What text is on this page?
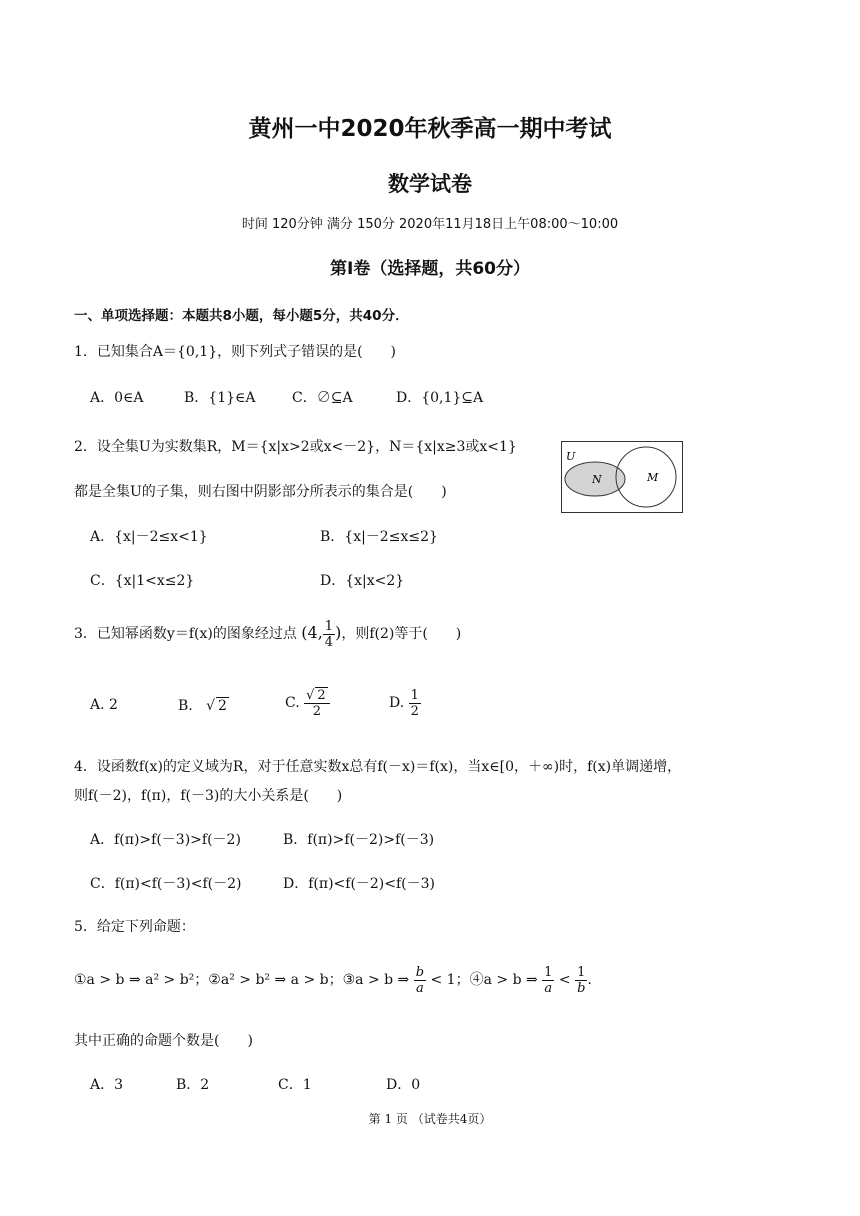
黄州一中2020年秋季高一期中考试
数学试卷
时间 120分钟 满分 150分 2020年11月18日上午08:00～10:00
第Ⅰ卷（选择题，共60分）
一、单项选择题：本题共8小题，每小题5分，共40分．
1．已知集合A＝{0,1}，则下列式子错误的是(　　)
A．0∈A	B．{1}∈A	C．∅⊆A	D．{0,1}⊆A
2．设全集U为实数集R，M＝{x|x>2或x<－2}，N＝{x|x≥3或x<1}
都是全集U的子集，则右图中阴影部分所表示的集合是(　　)
U
N	M
A．{x|－2≤x<1}	B．{x|－2≤x≤2}
C．{x|1<x≤2}	D．{x|x<2}
3．已知幂函数y＝f(x)的图象经过点 (4, $\frac{1}{4}$ )，则f(2)等于(　　)
A. 2	B.   √ 2	C. $\frac{√ 2}{2}$	D. $\frac{1}{2}$
4．设函数f(x)的定义域为R，对于任意实数x总有f(－x)＝f(x)，当x∈[0，＋∞)时，f(x)单调递增，
则f(－2)，f(π)，f(－3)的大小关系是(　　)
A．f(π)>f(－3)>f(－2)	B．f(π)>f(－2)>f(－3)
C．f(π)<f(－3)<f(－2)	D．f(π)<f(－2)<f(－3)
5．给定下列命题：
①a > b ⇒ a² > b²；②a² > b² ⇒ a > b；③a > b ⇒ $\frac{b}{a} < 1$；④a > b ⇒ $\frac{1}{a} < \frac{1}{b}$ .
其中正确的命题个数是(　　)
A．3	B．2	C．1	D．0
第 1 页 （试卷共4页）
